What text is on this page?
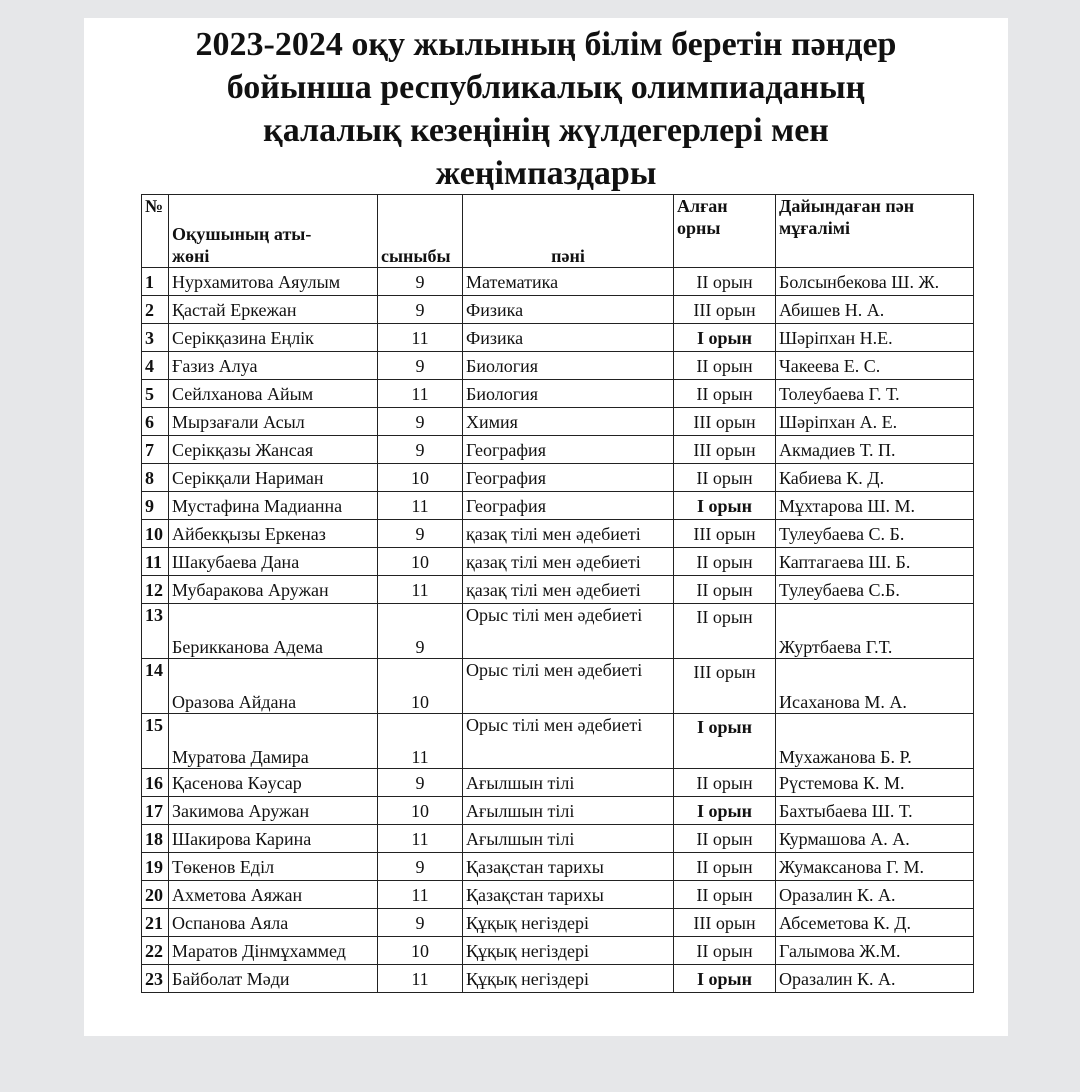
2023-2024 оқу жылының білім беретін пәндер
бойынша республикалық олимпиаданың
қалалық кезеңінің жүлдегерлері мен
жеңімпаздары
№	Оқушының аты-жөні	сыныбы	пәні	Алған орны	Дайындаған пән мұғалімі

1	Нурхамитова Аяулым	9	Математика	II орын	Болсынбекова Ш. Ж.
2	Қастай Еркежан	9	Физика	III орын	Абишев Н. А.
3	Серікқазина Еңлік	11	Физика	I орын	Шәріпхан Н.Е.
4	Ғазиз Алуа	9	Биология	II орын	Чакеева Е. С.
5	Сейлханова Айым	11	Биология	II орын	Толеубаева Г. Т.
6	Мырзағали Асыл	9	Химия	III орын	Шәріпхан А. Е.
7	Серікқазы Жансая	9	География	III орын	Акмадиев Т. П.
8	Серікқали Нариман	10	География	II орын	Кабиева К. Д.
9	Мустафина Мадианна	11	География	I орын	Мұхтарова Ш. М.
10	Айбекқызы Еркеназ	9	қазақ тілі мен әдебиеті	III орын	Тулеубаева С. Б.
11	Шакубаева Дана	10	қазақ тілі мен әдебиеті	II орын	Каптагаева Ш. Б.
12	Мубаракова Аружан	11	қазақ тілі мен әдебиеті	II орын	Тулеубаева С.Б.
13	Берикканова Адема	9	Орыс тілі мен әдебиеті	II орын	Журтбаева Г.Т.
14	Оразова Айдана	10	Орыс тілі мен әдебиеті	III орын	Исаханова М. А.
15	Муратова Дамира	11	Орыс тілі мен әдебиеті	I орын	Мухажанова Б. Р.
16	Қасенова Кәусар	9	Ағылшын тілі	II орын	Рүстемова К. М.
17	Закимова Аружан	10	Ағылшын тілі	I орын	Бахтыбаева Ш. Т.
18	Шакирова Карина	11	Ағылшын тілі	II орын	Курмашова А. А.
19	Төкенов Еділ	9	Қазақстан тарихы	II орын	Жумаксанова Г. М.
20	Ахметова Аяжан	11	Қазақстан тарихы	II орын	Оразалин К. А.
21	Оспанова Аяла	9	Құқық негіздері	III орын	Абсеметова К. Д.
22	Маратов Дінмұхаммед	10	Құқық негіздері	II орын	Галымова Ж.М.
23	Байболат Мәди	11	Құқық негіздері	I орын	Оразалин К. А.
